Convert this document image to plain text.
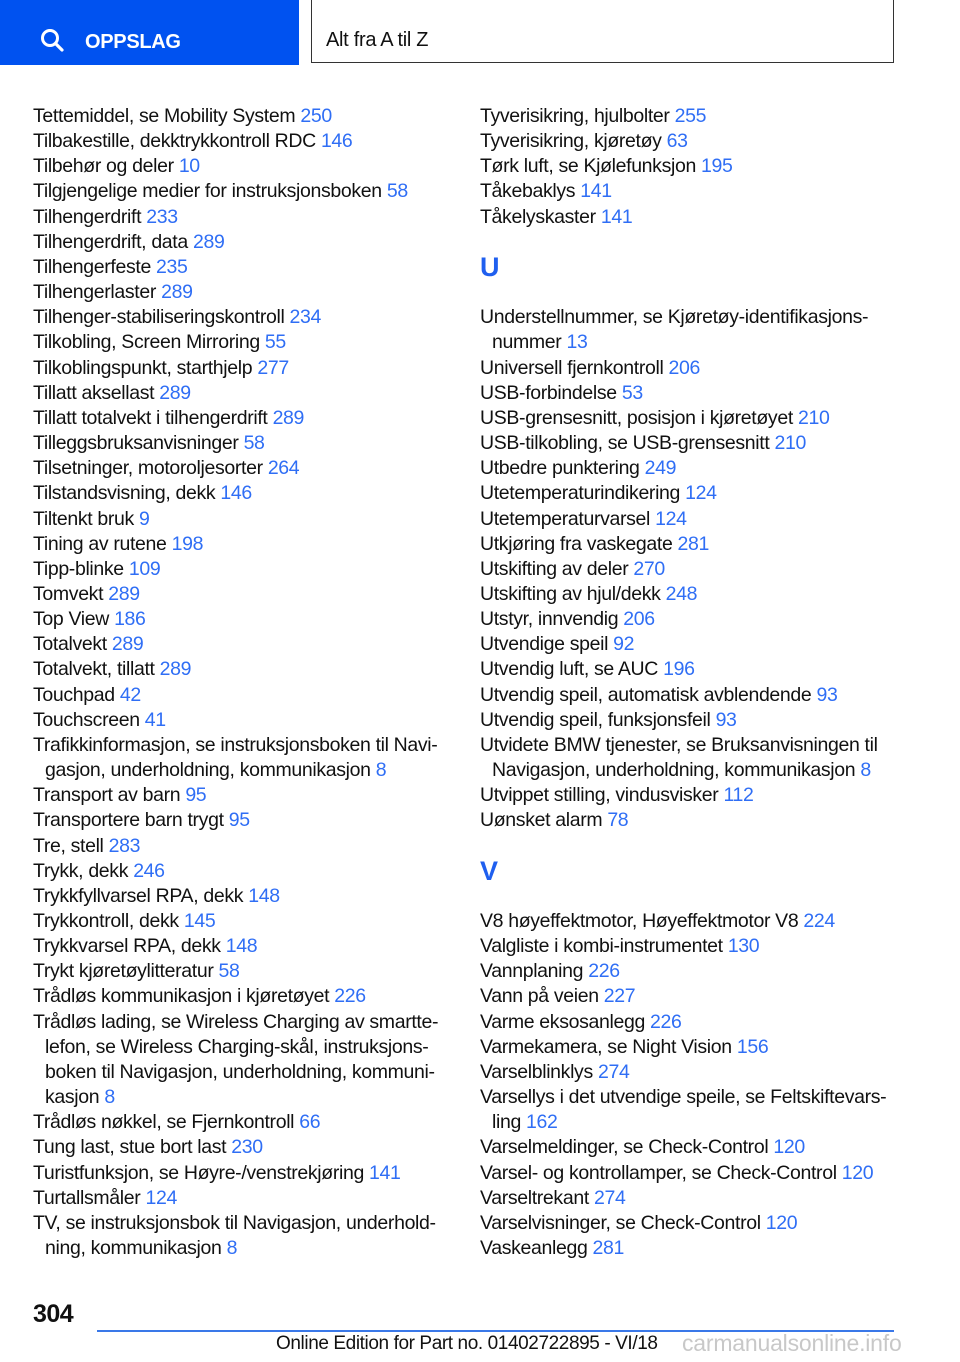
OPPSLAG	Alt fra A til Z
Tettemiddel, se Mobility System 250
Tilbakestille, dekktrykkontroll RDC 146
Tilbehør og deler 10
Tilgjengelige medier for instruksjonsboken 58
Tilhengerdrift 233
Tilhengerdrift, data 289
Tilhengerfeste 235
Tilhengerlaster 289
Tilhenger-stabiliseringskontroll 234
Tilkobling, Screen Mirroring 55
Tilkoblingspunkt, starthjelp 277
Tillatt aksellast 289
Tillatt totalvekt i tilhengerdrift 289
Tilleggsbruksanvisninger 58
Tilsetninger, motoroljesorter 264
Tilstandsvisning, dekk 146
Tiltenkt bruk 9
Tining av rutene 198
Tipp-blinke 109
Tomvekt 289
Top View 186
Totalvekt 289
Totalvekt, tillatt 289
Touchpad 42
Touchscreen 41
Trafikkinformasjon, se instruksjonsboken til Navi-
gasjon, underholdning, kommunikasjon 8
Transport av barn 95
Transportere barn trygt 95
Tre, stell 283
Trykk, dekk 246
Trykkfyllvarsel RPA, dekk 148
Trykkontroll, dekk 145
Trykkvarsel RPA, dekk 148
Trykt kjøretøylitteratur 58
Trådløs kommunikasjon i kjøretøyet 226
Trådløs lading, se Wireless Charging av smartte-
lefon, se Wireless Charging-skål, instruksjons-
boken til Navigasjon, underholdning, kommuni-
kasjon 8
Trådløs nøkkel, se Fjernkontroll 66
Tung last, stue bort last 230
Turistfunksjon, se Høyre-/venstrekjøring 141
Turtallsmåler 124
TV, se instruksjonsbok til Navigasjon, underhold-
ning, kommunikasjon 8
Tyverisikring, hjulbolter 255
Tyverisikring, kjøretøy 63
Tørk luft, se Kjølefunksjon 195
Tåkebaklys 141
Tåkelyskaster 141
U
Understellnummer, se Kjøretøy-identifikasjons-
nummer 13
Universell fjernkontroll 206
USB-forbindelse 53
USB-grensesnitt, posisjon i kjøretøyet 210
USB-tilkobling, se USB-grensesnitt 210
Utbedre punktering 249
Utetemperaturindikering 124
Utetemperaturvarsel 124
Utkjøring fra vaskegate 281
Utskifting av deler 270
Utskifting av hjul/dekk 248
Utstyr, innvendig 206
Utvendige speil 92
Utvendig luft, se AUC 196
Utvendig speil, automatisk avblendende 93
Utvendig speil, funksjonsfeil 93
Utvidete BMW tjenester, se Bruksanvisningen til
Navigasjon, underholdning, kommunikasjon 8
Utvippet stilling, vindusvisker 112
Uønsket alarm 78
V
V8 høyeffektmotor, Høyeffektmotor V8 224
Valgliste i kombi-instrumentet 130
Vannplaning 226
Vann på veien 227
Varme eksosanlegg 226
Varmekamera, se Night Vision 156
Varselblinklys 274
Varsellys i det utvendige speile, se Feltskiftevars-
ling 162
Varselmeldinger, se Check-Control 120
Varsel- og kontrollamper, se Check-Control 120
Varseltrekant 274
Varselvisninger, se Check-Control 120
Vaskeanlegg 281
304
Online Edition for Part no. 01402722895 - VI/18 carmanualsonline.info
